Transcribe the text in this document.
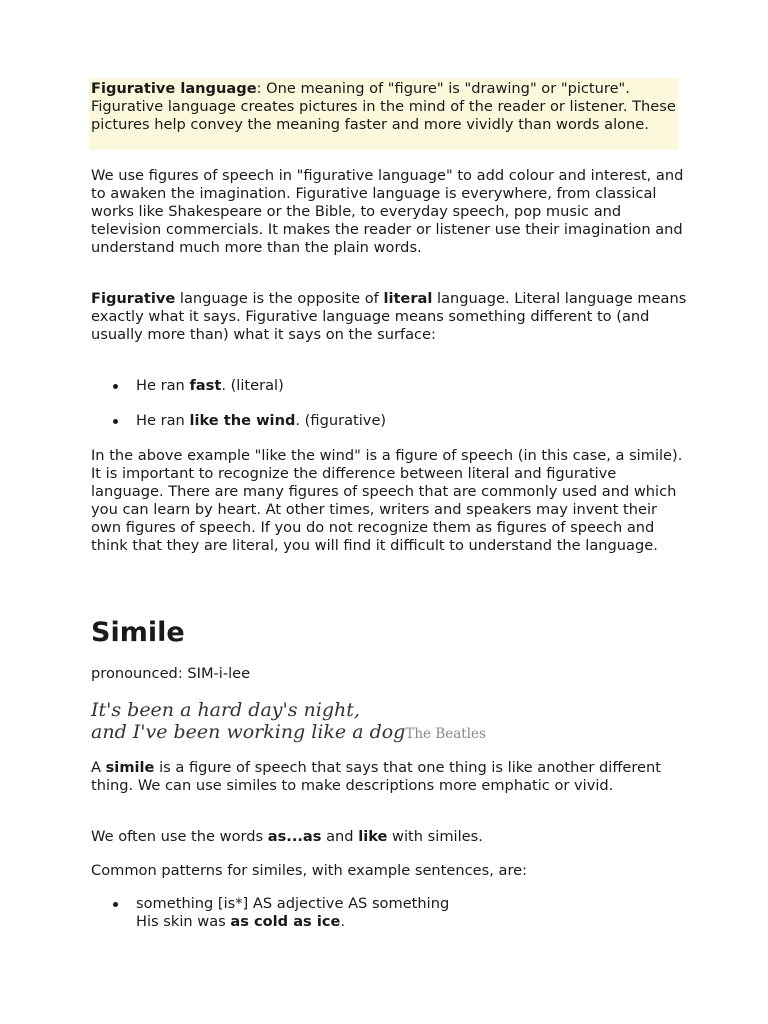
Figurative language: One meaning of "figure" is "drawing" or "picture". Figurative language creates pictures in the mind of the reader or listener. These pictures help convey the meaning faster and more vividly than words alone.

We use figures of speech in "figurative language" to add colour and interest, and to awaken the imagination. Figurative language is everywhere, from classical works like Shakespeare or the Bible, to everyday speech, pop music and television commercials. It makes the reader or listener use their imagination and understand much more than the plain words.

Figurative language is the opposite of literal language. Literal language means exactly what it says. Figurative language means something different to (and usually more than) what it says on the surface:

He ran fast. (literal)
He ran like the wind. (figurative)

In the above example "like the wind" is a figure of speech (in this case, a simile). It is important to recognize the difference between literal and figurative language. There are many figures of speech that are commonly used and which you can learn by heart. At other times, writers and speakers may invent their own figures of speech. If you do not recognize them as figures of speech and think that they are literal, you will find it difficult to understand the language.

Simile

pronounced: SIM-i-lee

It's been a hard day's night,
and I've been working like a dogThe Beatles

A simile is a figure of speech that says that one thing is like another different thing. We can use similes to make descriptions more emphatic or vivid.

We often use the words as...as and like with similes.

Common patterns for similes, with example sentences, are:

something [is*] AS adjective AS something
His skin was as cold as ice.
